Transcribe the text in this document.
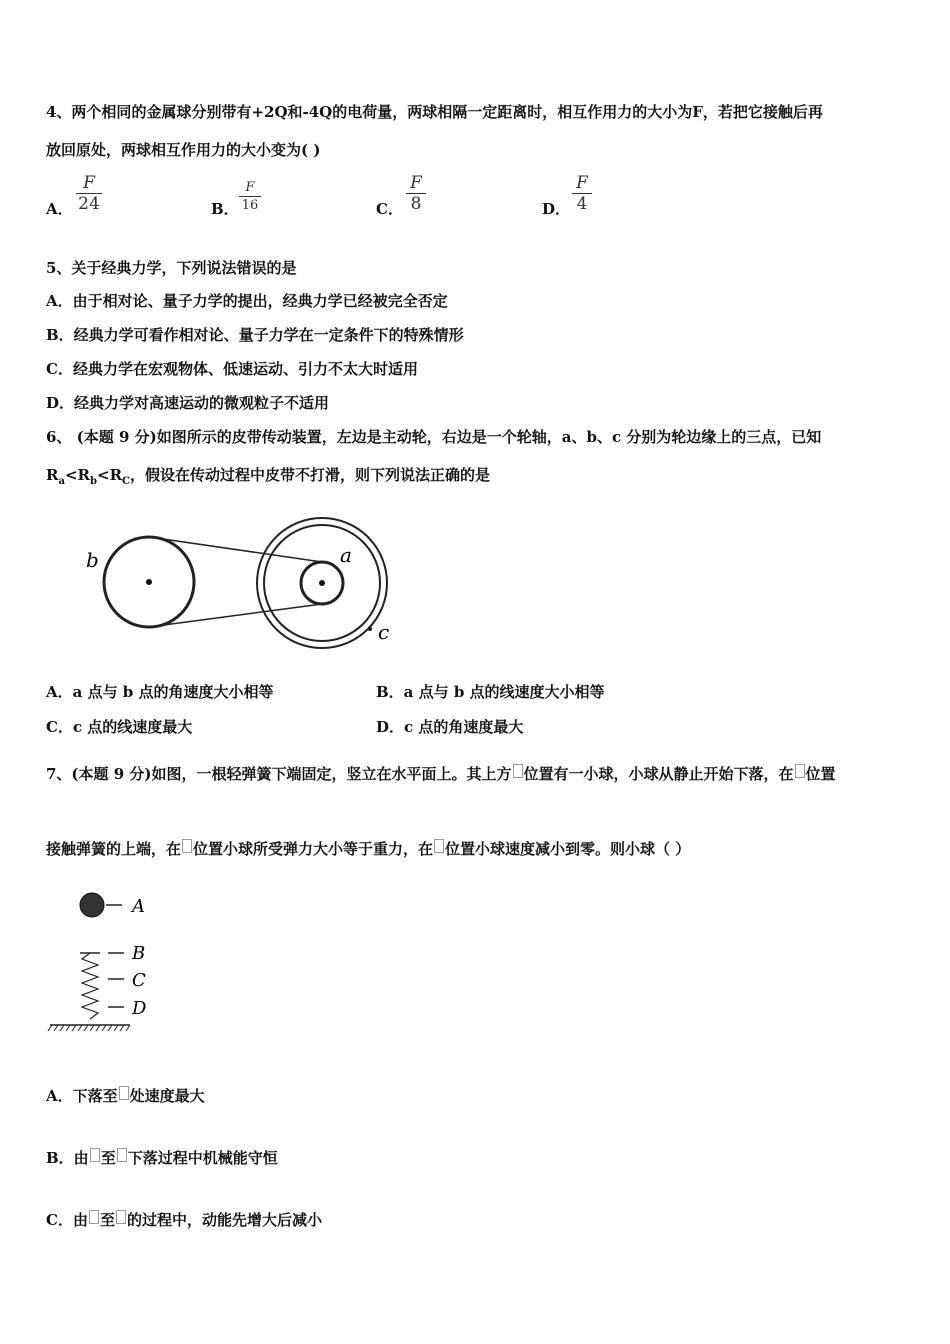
4、两个相同的金属球分别带有+2Q和-4Q的电荷量，两球相隔一定距离时，相互作用力的大小为F，若把它接触后再
放回原处，两球相互作用力的大小变为( )
A．
F
24	B．
F
16	C．
F
8	D．
F
4
5、关于经典力学，下列说法错误的是
A．由于相对论、量子力学的提出，经典力学已经被完全否定
B．经典力学可看作相对论、量子力学在一定条件下的特殊情形
C．经典力学在宏观物体、低速运动、引力不太大时适用
D．经典力学对高速运动的微观粒子不适用
6、 (本题 9 分)如图所示的皮带传动装置，左边是主动轮，右边是一个轮轴，a、b、c 分别为轮边缘上的三点，已知
$R_a<R_b<R_C$，假设在传动过程中皮带不打滑，则下列说法正确的是
b	a
c
A．a 点与 b 点的角速度大小相等	B．a 点与 b 点的线速度大小相等
C．c 点的线速度最大	D．c 点的角速度最大
7、(本题 9 分)如图，一根轻弹簧下端固定，竖立在水平面上。其上方 位置有一小球，小球从静止开始下落，在 位置
接触弹簧的上端，在 位置小球所受弹力大小等于重力，在 位置小球速度减小到零。则小球（ ）
A
B
C
D
A．下落至 处速度最大
B．由 至 下落过程中机械能守恒
C．由 至 的过程中，动能先增大后减小
